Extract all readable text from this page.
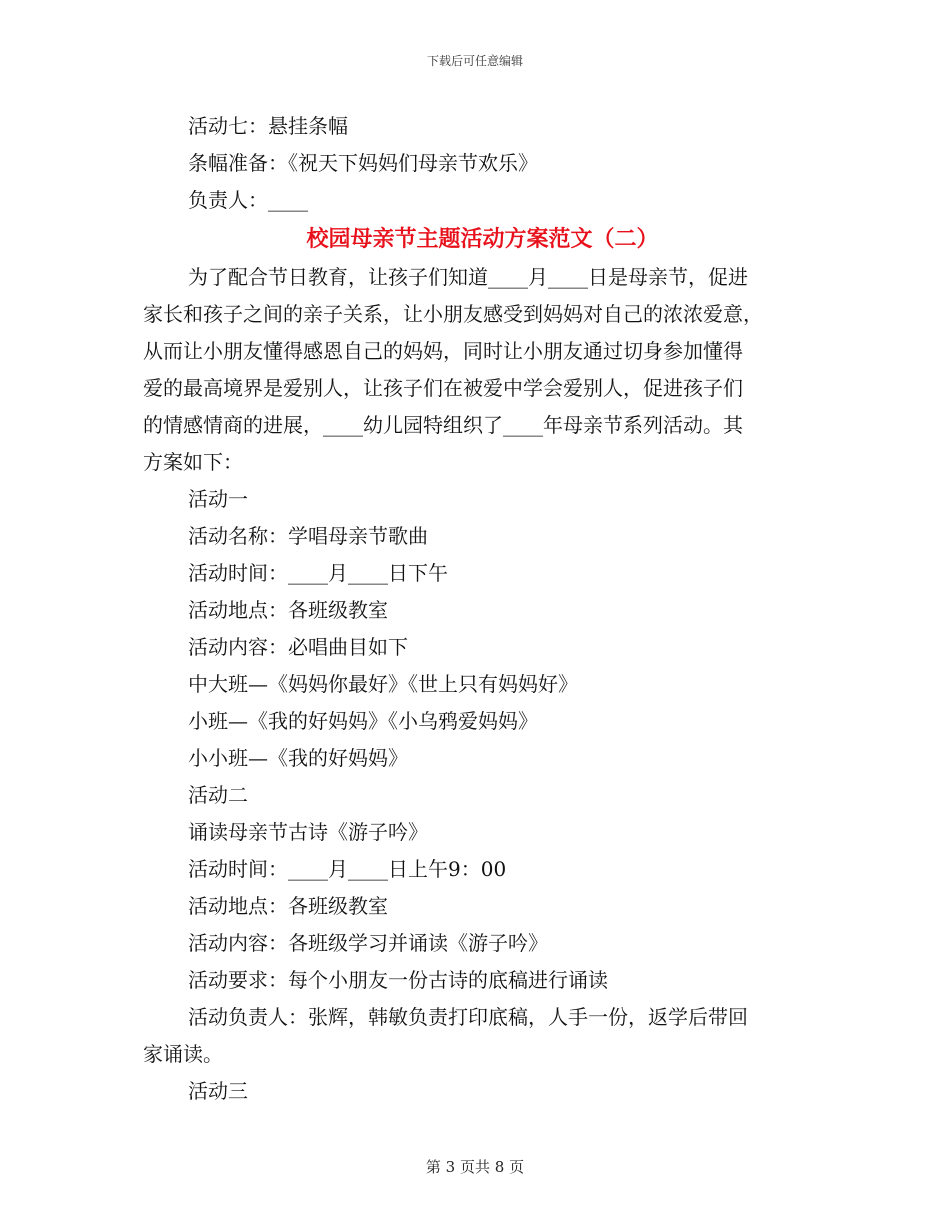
下载后可任意编辑
活动七：悬挂条幅
条幅准备：《祝天下妈妈们母亲节欢乐》
负责人：____
校园母亲节主题活动方案范文（二）
为了配合节日教育，让孩子们知道____月____日是母亲节，促进
家长和孩子之间的亲子关系，让小朋友感受到妈妈对自己的浓浓爱意，
从而让小朋友懂得感恩自己的妈妈，同时让小朋友通过切身参加懂得
爱的最高境界是爱别人，让孩子们在被爱中学会爱别人，促进孩子们
的情感情商的进展，____幼儿园特组织了____年母亲节系列活动。其
方案如下：
活动一
活动名称：学唱母亲节歌曲
活动时间：____月____日下午
活动地点：各班级教室
活动内容：必唱曲目如下
中大班—《妈妈你最好》《世上只有妈妈好》
小班—《我的好妈妈》《小乌鸦爱妈妈》
小小班—《我的好妈妈》
活动二
诵读母亲节古诗《游子吟》
活动时间：____月____日上午9：00
活动地点：各班级教室
活动内容：各班级学习并诵读《游子吟》
活动要求：每个小朋友一份古诗的底稿进行诵读
活动负责人：张辉，韩敏负责打印底稿，人手一份，返学后带回
家诵读。
活动三
第 3 页共 8 页
